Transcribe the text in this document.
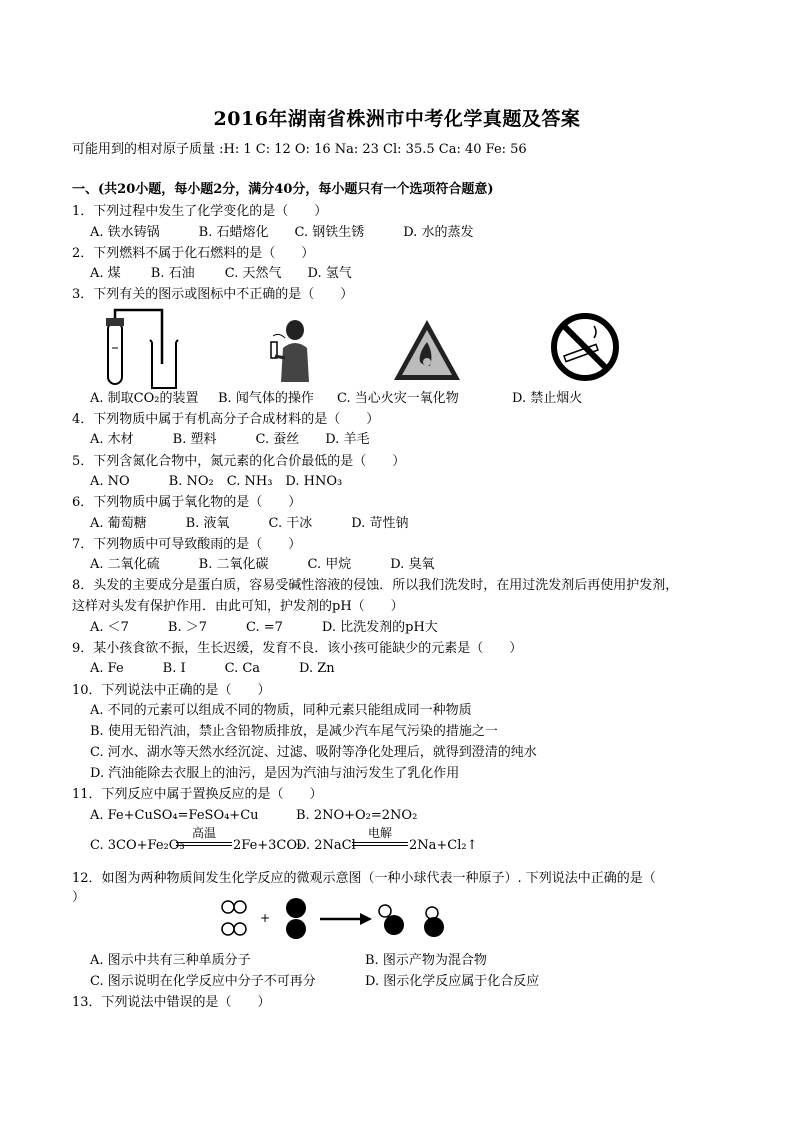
2016年湖南省株洲市中考化学真题及答案
可能用到的相对原子质量 :H: 1 C: 12 O: 16 Na: 23 Cl: 35.5 Ca: 40 Fe: 56
一、(共20小题，每小题2分，满分40分，每小题只有一个选项符合题意)
1．下列过程中发生了化学变化的是（　　）
A. 铁水铸锅　　　B. 石蜡熔化　　C. 钢铁生锈　　　D. 水的蒸发
2．下列燃料不属于化石燃料的是（　　）
A. 煤　　 B. 石油　　 C. 天然气　　D. 氢气
3．下列有关的图示或图标中不正确的是（　　）
A. 制取CO₂的装置 B. 闻气体的操作 C. 当心火灾一氧化物	D. 禁止烟火
4．下列物质中属于有机高分子合成材料的是（　　）
A. 木材　　　B. 塑料　　　C. 蚕丝　　D. 羊毛
5．下列含氮化合物中，氮元素的化合价最低的是（　　）
A. NO　　　B. NO₂　C. NH₃　D. HNO₃
6．下列物质中属于氧化物的是（　　）
A. 葡萄糖　　　B. 液氧　　　C. 干冰　　　D. 苛性钠
7．下列物质中可导致酸雨的是（　　）
A. 二氧化硫　　　B. 二氧化碳　　　C. 甲烷　　　D. 臭氧
8．头发的主要成分是蛋白质，容易受碱性溶液的侵蚀．所以我们洗发时，在用过洗发剂后再使用护发剂，
这样对头发有保护作用．由此可知，护发剂的pH（　　）
A. ＜7　　　B. ＞7　　　C. =7　　　D. 比洗发剂的pH大
9．某小孩食欲不振，生长迟缓，发育不良．该小孩可能缺少的元素是（　　）
A. Fe　　　B. I　　　C. Ca　　　D. Zn
10．下列说法中正确的是（　　）
A. 不同的元素可以组成不同的物质，同种元素只能组成同一种物质
B. 使用无铅汽油，禁止含铅物质排放，是减少汽车尾气污染的措施之一
C. 河水、湖水等天然水经沉淀、过滤、吸附等净化处理后，就得到澄清的纯水
D. 汽油能除去衣服上的油污，是因为汽油与油污发生了乳化作用
11．下列反应中属于置换反应的是（　　）
A. Fe+CuSO₄=FeSO₄+Cu	B. 2NO+O₂=2NO₂
C. 3CO+Fe₂O₃
高温
2Fe+3CO₂
D. 2NaCl
电解
2Na+Cl₂↑
12．如图为两种物质间发生化学反应的微观示意图（一种小球代表一种原子）. 下列说法中正确的是（
）
+
A. 图示中共有三种单质分子	B. 图示产物为混合物
C. 图示说明在化学反应中分子不可再分	D. 图示化学反应属于化合反应
13．下列说法中错误的是（　　）
